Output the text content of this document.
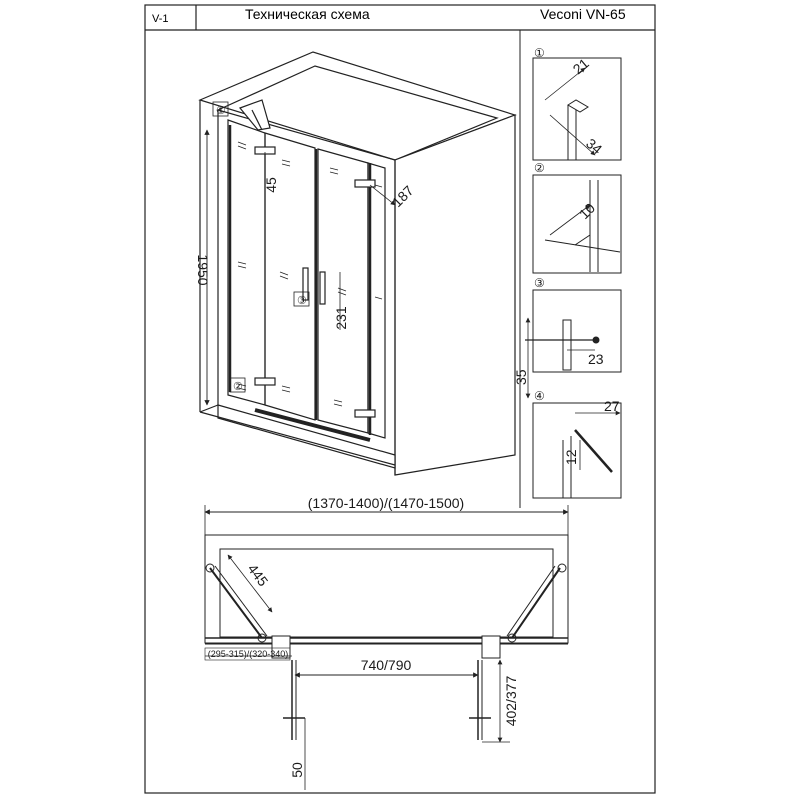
V-1	Техническая схема	Veconi VN-65
①
②
③
1950
45	187
231
①
21
34
②
10
③
23
35
④
27
12
(1370-1400)/(1470-1500)
445
(295-315)/(320-340)
740/790
402/377
50
